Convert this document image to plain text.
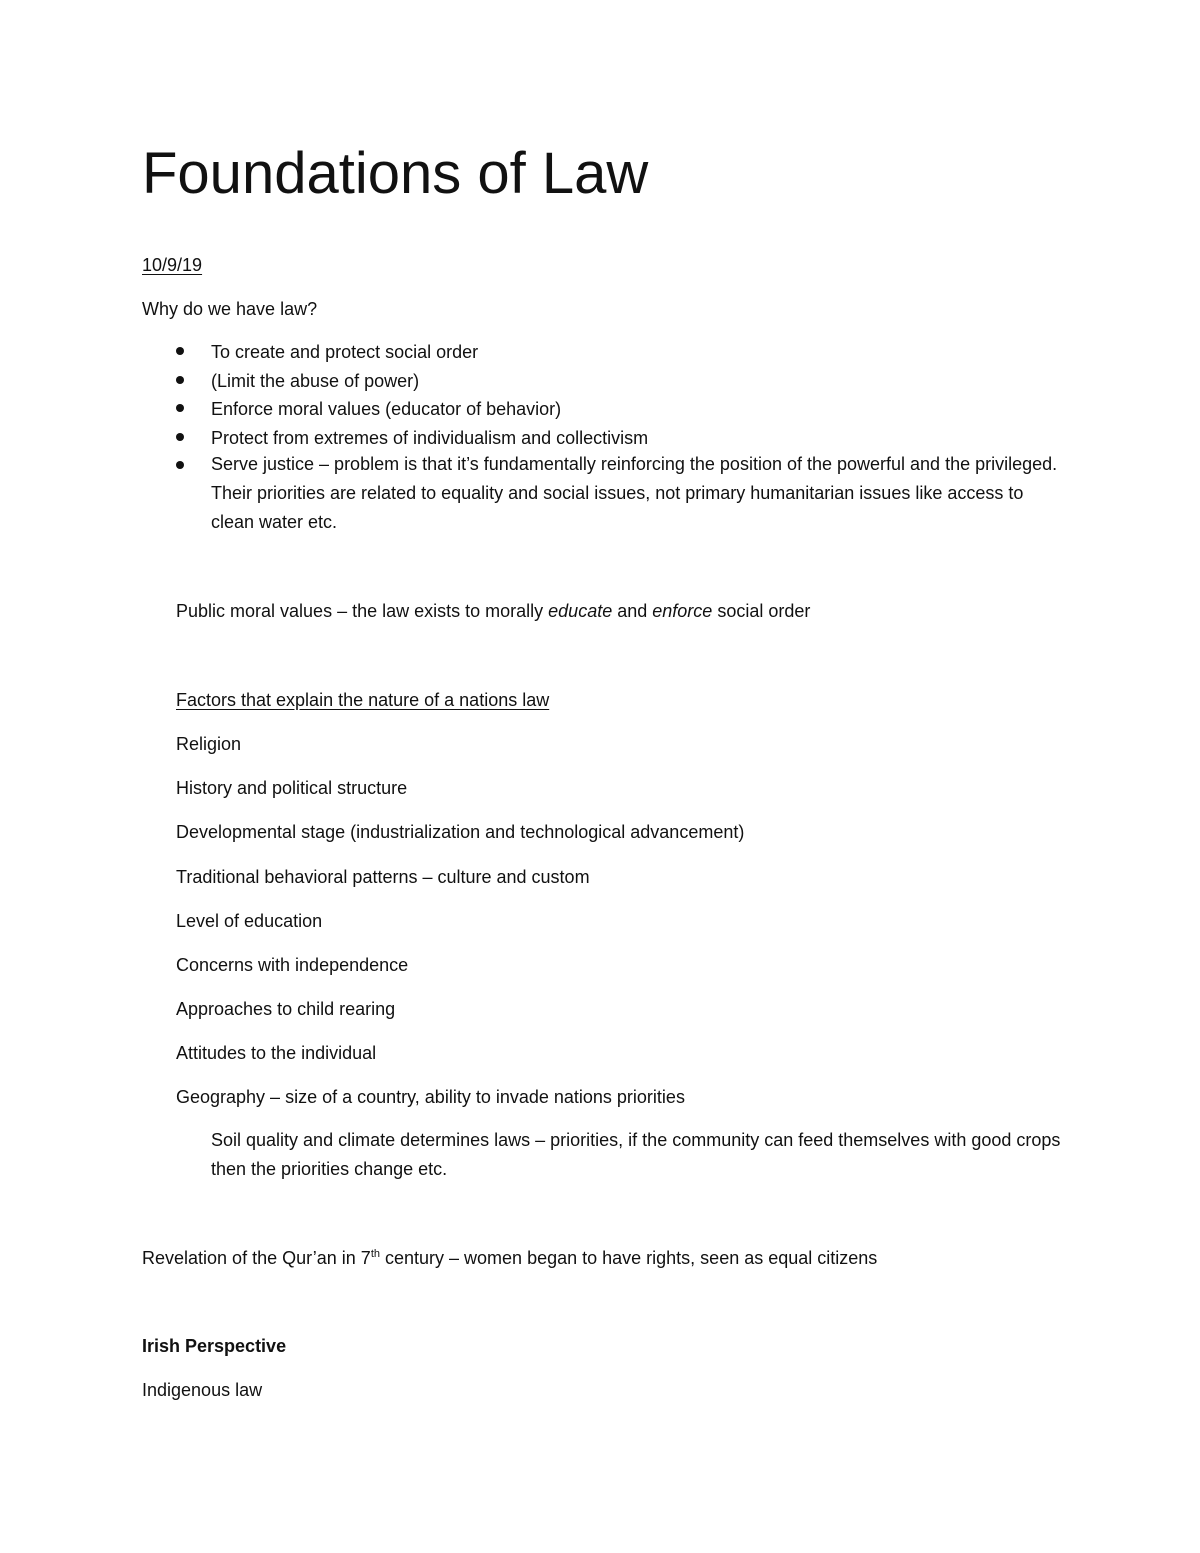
Foundations of Law
10/9/19
Why do we have law?
To create and protect social order
(Limit the abuse of power)
Enforce moral values (educator of behavior)
Protect from extremes of individualism and collectivism
Serve justice – problem is that it’s fundamentally reinforcing the position of the powerful and the privileged. Their priorities are related to equality and social issues, not primary humanitarian issues like access to clean water etc.
Public moral values – the law exists to morally educate and enforce social order
Factors that explain the nature of a nations law
Religion
History and political structure
Developmental stage (industrialization and technological advancement)
Traditional behavioral patterns – culture and custom
Level of education
Concerns with independence
Approaches to child rearing
Attitudes to the individual
Geography – size of a country, ability to invade nations priorities
Soil quality and climate determines laws – priorities, if the community can feed themselves with good crops then the priorities change etc.
Revelation of the Qur’an in 7th century – women began to have rights, seen as equal citizens
Irish Perspective
Indigenous law
